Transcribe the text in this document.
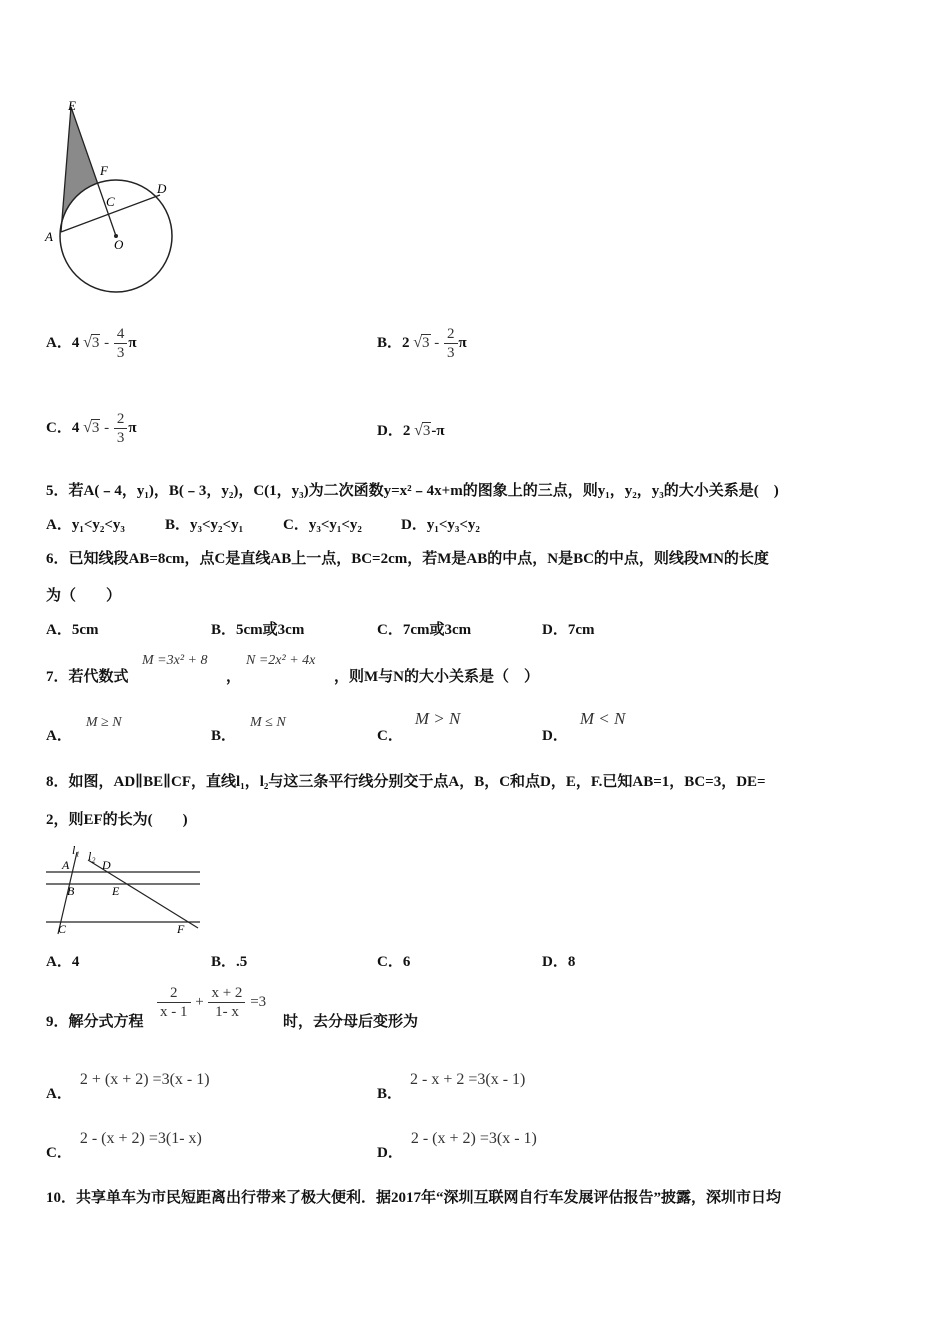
E
F
C
D
A
O
A．4 $√3 - \frac{4}{3}$ π	B．2 $√3 - \frac{2}{3}$ π
C．4 $√3 - \frac{2}{3}$ π	D．2 √3-π
5．若A(﹣4，y₁)，B(﹣3，y₂)，C(1，y₃)为二次函数y=x²﹣4x+m的图象上的三点，则y₁，y₂，y₃的大小关系是(　)
A．y₁<y₂<y₃	B．y₃<y₂<y₁	C．y₃<y₁<y₂	D．y₁<y₃<y₂
6．已知线段AB=8cm，点C是直线AB上一点，BC=2cm，若M是AB的中点，N是BC的中点，则线段MN的长度
为（　　）
A．5cm	B．5cm或3cm	C．7cm或3cm	D．7cm
7．若代数式
M =3x² + 8
，
N =2x² + 4x
，则M与N的大小关系是（　）
A． M ≥ N
B． M ≤ N
C． M > N
D． M < N
8．如图，AD∥BE∥CF，直线l₁，l₂与这三条平行线分别交于点A，B，C和点D，E，F.已知AB=1，BC=3，DE=
2，则EF的长为(　　)
l₁ l₂
A	D
B	E
C	F
A．4	B．.5	C．6	D．8
9．解分式方程
$\frac{2}{x - 1} + \frac{x + 2}{1- x} =3$
时，去分母后变形为
A． 2 + (x + 2) =3(x - 1)
B． 2 - x + 2 =3(x - 1)
C． 2 - (x + 2) =3(1- x)
D． 2 - (x + 2) =3(x - 1)
10．共享单车为市民短距离出行带来了极大便利．据2017年“深圳互联网自行车发展评估报告”披露，深圳市日均
